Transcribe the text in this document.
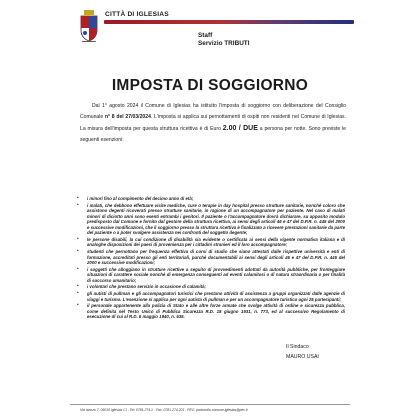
CITTÀ DI IGLESIAS
Staff
Servizio TRIBUTI
IMPOSTA DI SOGGIORNO
Dal 1° agosto 2024 il Comune di Iglesias ha istituito l'imposta di soggiorno con deliberazione del Consiglio Comunale n° 8 del 27/03/2024. L'imposta si applica sui pernottamenti di ospiti non residenti nel Comune di Iglesias. La misura dell'imposta per questa struttura ricettiva è di Euro 2.00 / DUE a persona per notte. Sono previste le seguenti esenzioni:
• i minori fino al compimento del decimo anno di età;
• i malati, che debbono effettuare visite mediche, cure o terapie in day hospital presso strutture sanitarie, nonché coloro che assistono degenti ricoverati presso strutture sanitarie, in ragione di un accompagnatore per paziente. Nel caso di malati minori di diciotto anni sono esenti entrambi i genitori. Il paziente o l'accompagnatore dovrà dichiarare, su apposito modulo predisposto dal Comune e fornito dal gestore della struttura ricettiva, ai sensi degli articoli 46 e 47 del D.P.R. n. 445 del 2000 e successive modificazioni, che il soggiorno presso la struttura ricettiva è finalizzato a ricevere prestazioni sanitarie da parte del paziente o a poter svolgere assistenza nei confronti del soggetto degente;
• le persone disabili, la cui condizione di disabilità sia evidente o certificata ai sensi della vigente normativa italiana e di analoghe disposizioni dei paesi di provenienza per i cittadini stranieri ed il loro accompagnatore;
• studenti che pernottano per frequenza effettiva di corsi di studio che siano attestati dalle rispettive università e enti di formazione, accreditati presso gli enti territoriali, purché documentabili ai sensi degli articoli 46 e 47 del D.P.R. n. 445 del 2000 e successive modificazioni;
• i soggetti che alloggiano in strutture ricettive a seguito di provvedimenti adottati da autorità pubbliche, per fronteggiare situazioni di carattere sociale nonché di emergenza conseguenti ad eventi calamitosi o di natura straordinaria o per finalità di soccorso umanitario;
• i volontari che prestano servizio in occasione di calamità;
• gli autisti di pullman e gli accompagnatori turistici che prestano attività di assistenza a gruppi organizzati dalle agenzie di viaggi e turismo. L'esenzione si applica per ogni autista di pullman e per un accompagnatore turistico ogni 25 partecipanti;
• il personale appartenente alla polizia di Stato e alle altre forze armate che svolge attività di ordine e sicurezza pubblica, come definita nel Testo Unico di Pubblica Sicurezza R.D. 18 giugno 1931, n. 773, ed al successivo Regolamento di esecuzione di cui al R.D. 6 maggio 1940, n. 635.
Il Sindaco
MAURO USAI
Via Isonzo 7, 09016 Iglesias CI - Tel: 0781.274.1 - Fax: 0781.274.201 - PEC: protocollo.comune.iglesias@pec.it
